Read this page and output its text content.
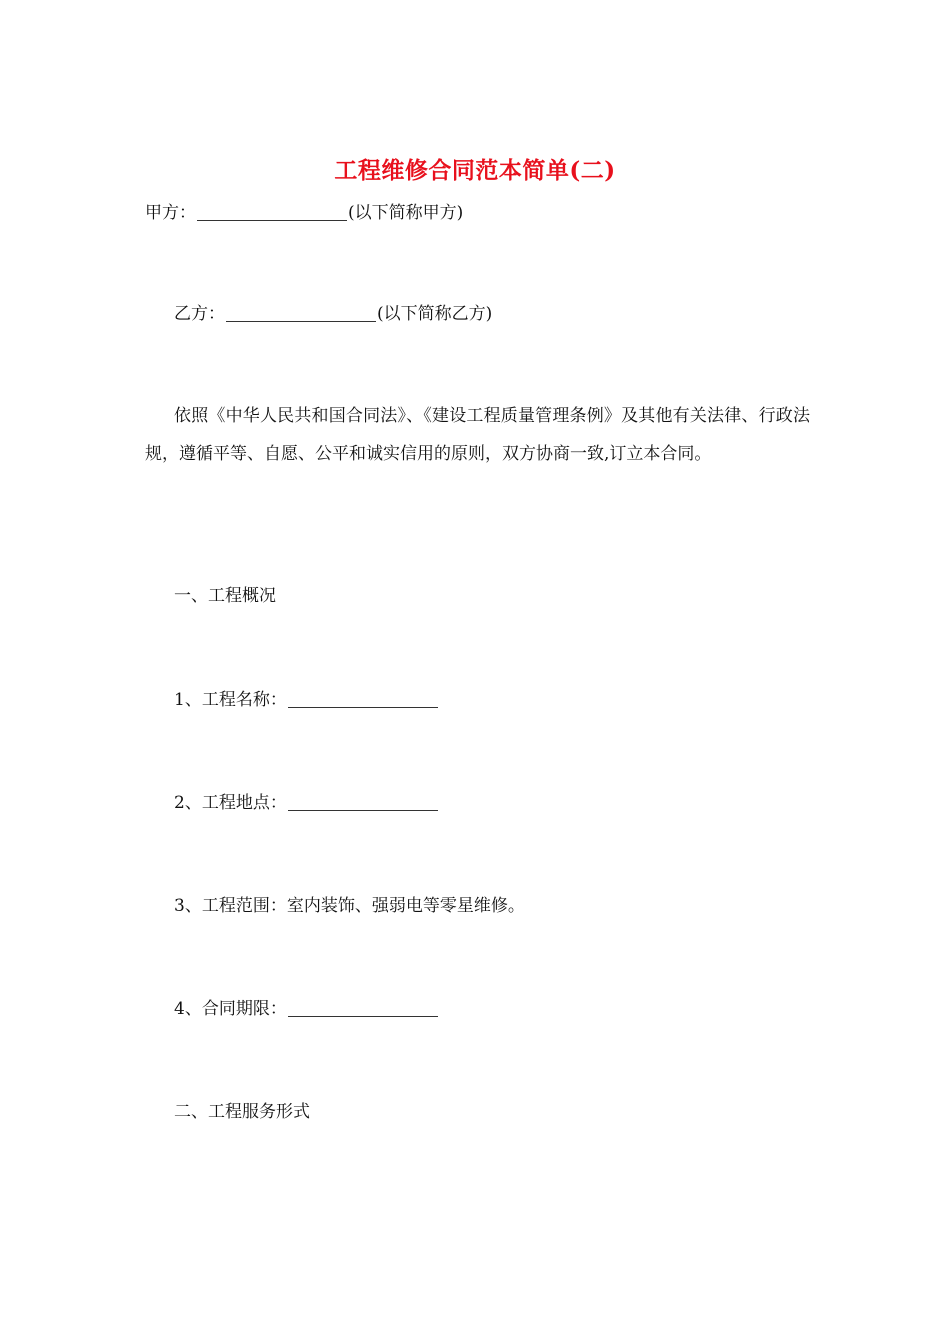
工程维修合同范本简单(二)
甲方：	(以下简称甲方)
乙方：	(以下简称乙方)
依照《中华人民共和国合同法》、《建设工程质量管理条例》及其他有关法律、行政法规，遵循平等、自愿、公平和诚实信用的原则，双方协商一致,订立本合同。
一、工程概况
1、工程名称：
2、工程地点：
3、工程范围：室内装饰、强弱电等零星维修。
4、合同期限：
二、工程服务形式
